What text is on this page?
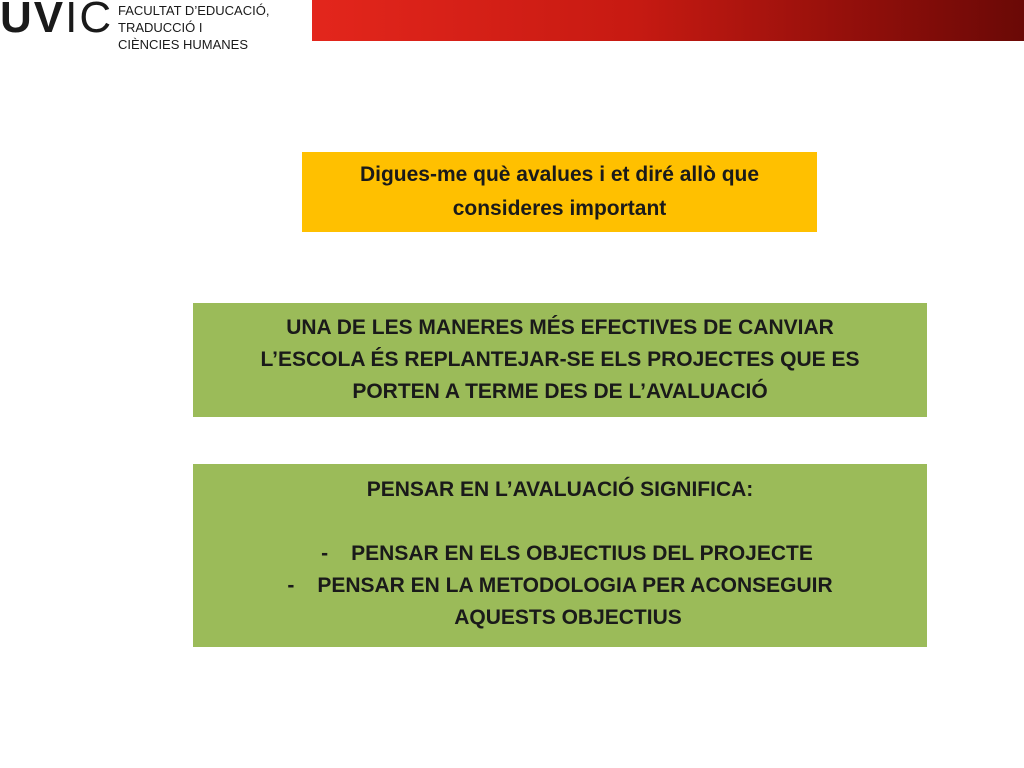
UVIC FACULTAT D’EDUCACIÓ,
TRADUCCIÓ I
CIÈNCIES HUMANES
Digues-me què avalues i et diré allò que
consideres important
UNA DE LES MANERES MÉS EFECTIVES DE CANVIAR
L’ESCOLA ÉS REPLANTEJAR-SE ELS PROJECTES QUE ES
PORTEN A TERME DES DE L’AVALUACIÓ
PENSAR EN L’AVALUACIÓ SIGNIFICA:
- PENSAR EN ELS OBJECTIUS DEL PROJECTE
- PENSAR EN LA METODOLOGIA PER ACONSEGUIR
AQUESTS OBJECTIUS
